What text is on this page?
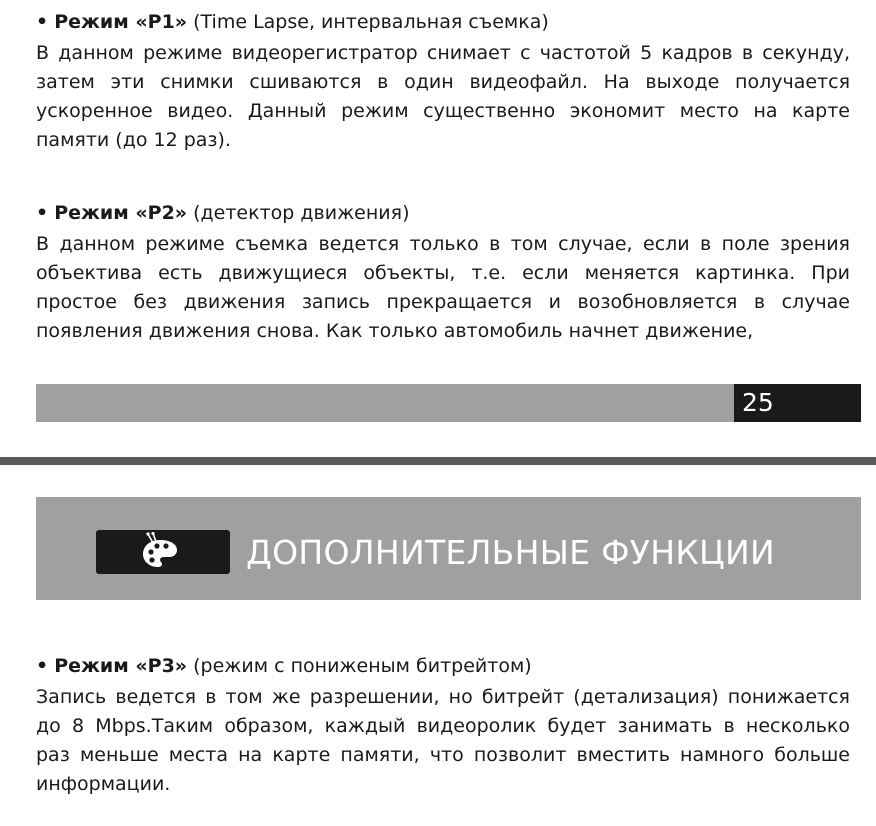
• Режим «P1» (Time Lapse, интервальная съемка)

В данном режиме видеорегистратор снимает с частотой 5 кадров в секунду,

затем эти снимки сшиваются в один видеофайл. На выходе получается

ускоренное видео. Данный режим существенно экономит место на карте

памяти (до 12 раз).

• Режим «P2» (детектор движения)

В данном режиме съемка ведется только в том случае, если в поле зрения

объектива есть движущиеся объекты, т.е. если меняется картинка. При

простое без движения запись прекращается и возобновляется в случае

появления движения снова. Как только автомобиль начнет движение,

25
ДОПОЛНИТЕЛЬНЫЕ ФУНКЦИИ

• Режим «P3» (режим с пониженым битрейтом)

Запись ведется в том же разрешении, но битрейт (детализация) понижается

до 8 Mbps.Таким образом, каждый видеоролик будет занимать в несколько

раз меньше места на карте памяти, что позволит вместить намного больше

информации.
